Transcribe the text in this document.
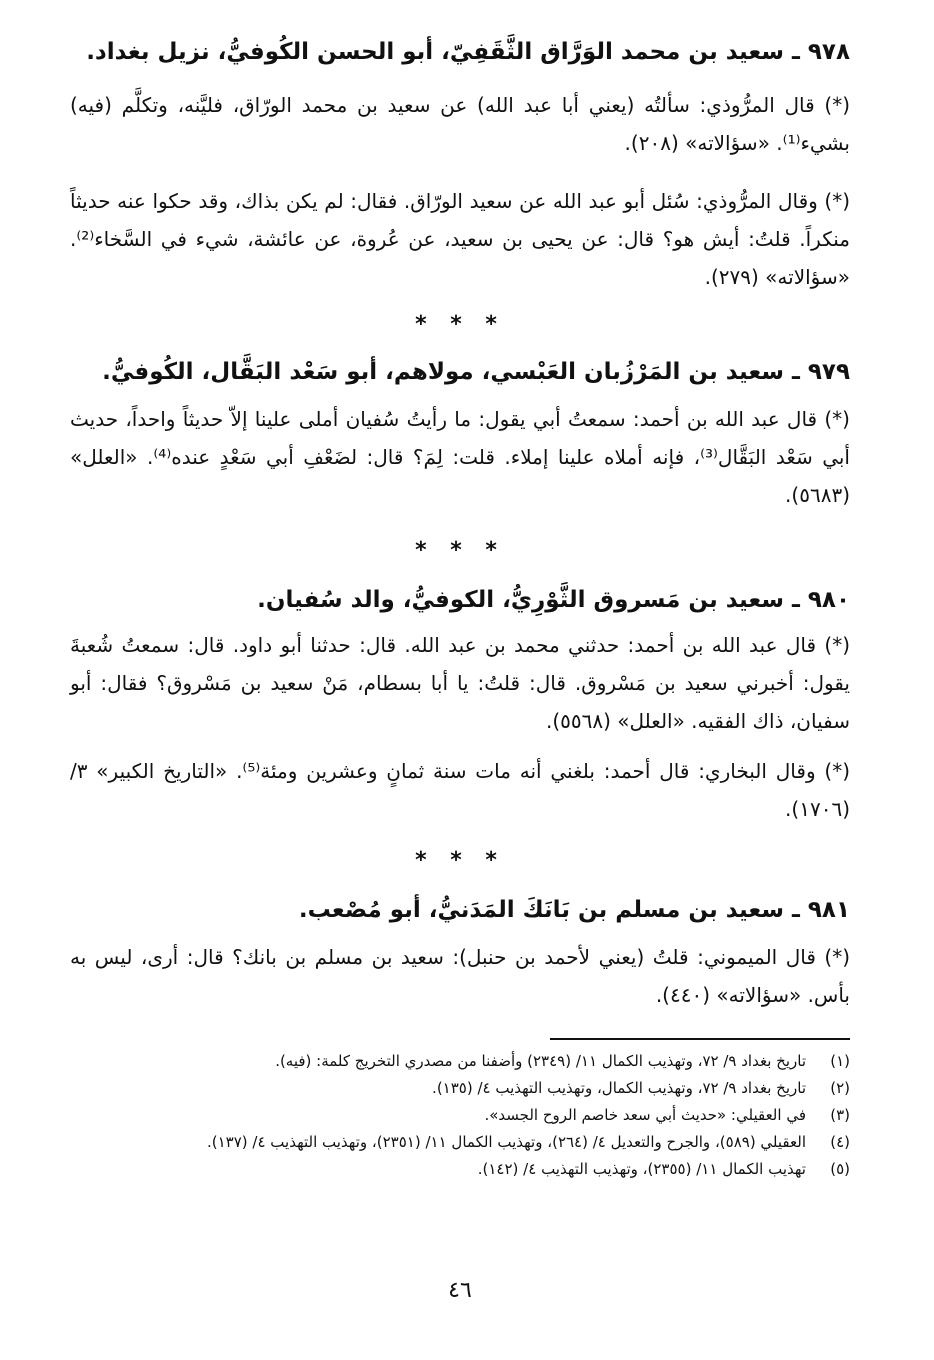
٩٧٨ ـ سعيد بن محمد الوَرَّاق الثَّقَفِيّ، أبو الحسن الكُوفيُّ، نزيل بغداد.
(*) قال المرُّوذي: سألتُه (يعني أبا عبد الله) عن سعيد بن محمد الورّاق، فليَّنه، وتكلَّم (فيه) بشيء⁽¹⁾. «سؤالاته» (٢٠٨).
(*) وقال المرُّوذي: سُئل أبو عبد الله عن سعيد الورّاق. فقال: لم يكن بذاك، وقد حكوا عنه حديثاً منكراً. قلتُ: أيش هو؟ قال: عن يحيى بن سعيد، عن عُروة، عن عائشة، شيء في السَّخاء⁽²⁾. «سؤالاته» (٢٧٩).
* * *
٩٧٩ ـ سعيد بن المَرْزُبان العَبْسي، مولاهم، أبو سَعْد البَقَّال، الكُوفيُّ.
(*) قال عبد الله بن أحمد: سمعتُ أبي يقول: ما رأيتُ سُفيان أملى علينا إلاّ حديثاً واحداً، حديث أبي سَعْد البَقَّال⁽³⁾، فإنه أملاه علينا إملاء. قلت: لِمَ؟ قال: لضَعْفِ أبي سَعْدٍ عنده⁽⁴⁾. «العلل» (٥٦٨٣).
* * *
٩٨٠ ـ سعيد بن مَسروق الثَّوْرِيُّ، الكوفيُّ، والد سُفيان.
(*) قال عبد الله بن أحمد: حدثني محمد بن عبد الله. قال: حدثنا أبو داود. قال: سمعتُ شُعبةَ يقول: أخبرني سعيد بن مَسْروق. قال: قلتُ: يا أبا بسطام، مَنْ سعيد بن مَسْروق؟ فقال: أبو سفيان، ذاك الفقيه. «العلل» (٥٥٦٨).
(*) وقال البخاري: قال أحمد: بلغني أنه مات سنة ثمانٍ وعشرين ومئة⁽⁵⁾. «التاريخ الكبير» ٣/ (١٧٠٦).
* * *
٩٨١ ـ سعيد بن مسلم بن بَانَكَ المَدَنيُّ، أبو مُصْعب.
(*) قال الميموني: قلتُ (يعني لأحمد بن حنبل): سعيد بن مسلم بن بانك؟ قال: أرى، ليس به بأس. «سؤالاته» (٤٤٠).
(١)
تاريخ بغداد ٩/ ٧٢، وتهذيب الكمال ١١/ (٢٣٤٩) وأضفنا من مصدري التخريج كلمة: (فيه).
(٢)
تاريخ بغداد ٩/ ٧٢، وتهذيب الكمال، وتهذيب التهذيب ٤/ (١٣٥).
(٣)
في العقيلي: «حديث أبي سعد خاصم الروح الجسد».
(٤)
العقيلي (٥٨٩)، والجرح والتعديل ٤/ (٢٦٤)، وتهذيب الكمال ١١/ (٢٣٥١)، وتهذيب التهذيب ٤/ (١٣٧).
(٥)
تهذيب الكمال ١١/ (٢٣٥٥)، وتهذيب التهذيب ٤/ (١٤٢).
٤٦
